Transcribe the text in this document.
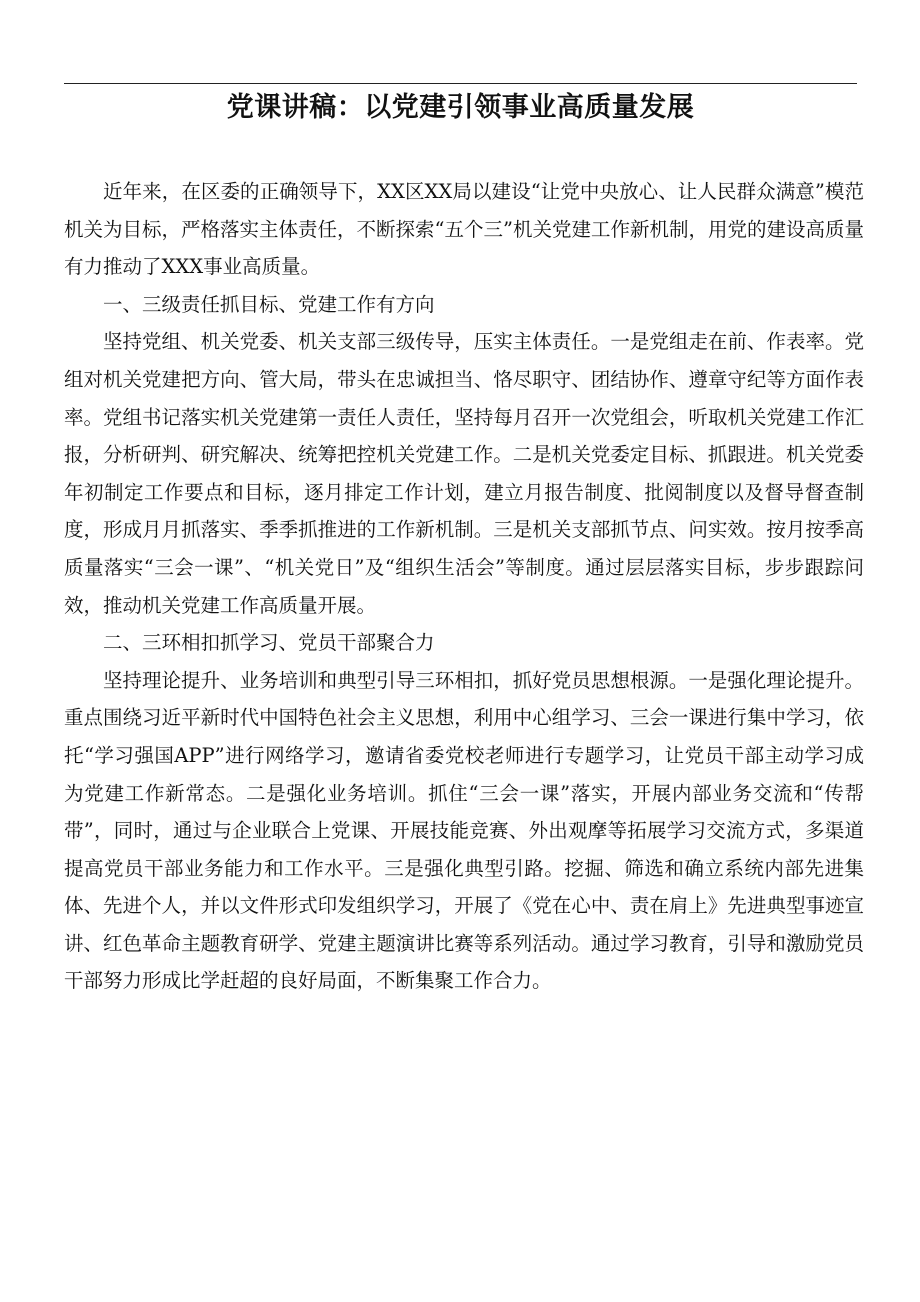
党课讲稿：以党建引领事业高质量发展

近年来，在区委的正确领导下，XX区XX局以建设“让党中央放心、让人民群众满意”模范机关为目标，严格落实主体责任，不断探索“五个三”机关党建工作新机制，用党的建设高质量有力推动了XXX事业高质量。

一、三级责任抓目标、党建工作有方向

坚持党组、机关党委、机关支部三级传导，压实主体责任。一是党组走在前、作表率。党组对机关党建把方向、管大局，带头在忠诚担当、恪尽职守、团结协作、遵章守纪等方面作表率。党组书记落实机关党建第一责任人责任，坚持每月召开一次党组会，听取机关党建工作汇报，分析研判、研究解决、统筹把控机关党建工作。二是机关党委定目标、抓跟进。机关党委年初制定工作要点和目标，逐月排定工作计划，建立月报告制度、批阅制度以及督导督查制度，形成月月抓落实、季季抓推进的工作新机制。三是机关支部抓节点、问实效。按月按季高质量落实“三会一课”、“机关党日”及“组织生活会”等制度。通过层层落实目标，步步跟踪问效，推动机关党建工作高质量开展。

二、三环相扣抓学习、党员干部聚合力

坚持理论提升、业务培训和典型引导三环相扣，抓好党员思想根源。一是强化理论提升。重点围绕习近平新时代中国特色社会主义思想，利用中心组学习、三会一课进行集中学习，依托“学习强国APP”进行网络学习，邀请省委党校老师进行专题学习，让党员干部主动学习成为党建工作新常态。二是强化业务培训。抓住“三会一课”落实，开展内部业务交流和“传帮带”，同时，通过与企业联合上党课、开展技能竞赛、外出观摩等拓展学习交流方式，多渠道提高党员干部业务能力和工作水平。三是强化典型引路。挖掘、筛选和确立系统内部先进集体、先进个人，并以文件形式印发组织学习，开展了《党在心中、责在肩上》先进典型事迹宣讲、红色革命主题教育研学、党建主题演讲比赛等系列活动。通过学习教育，引导和激励党员干部努力形成比学赶超的良好局面，不断集聚工作合力。
